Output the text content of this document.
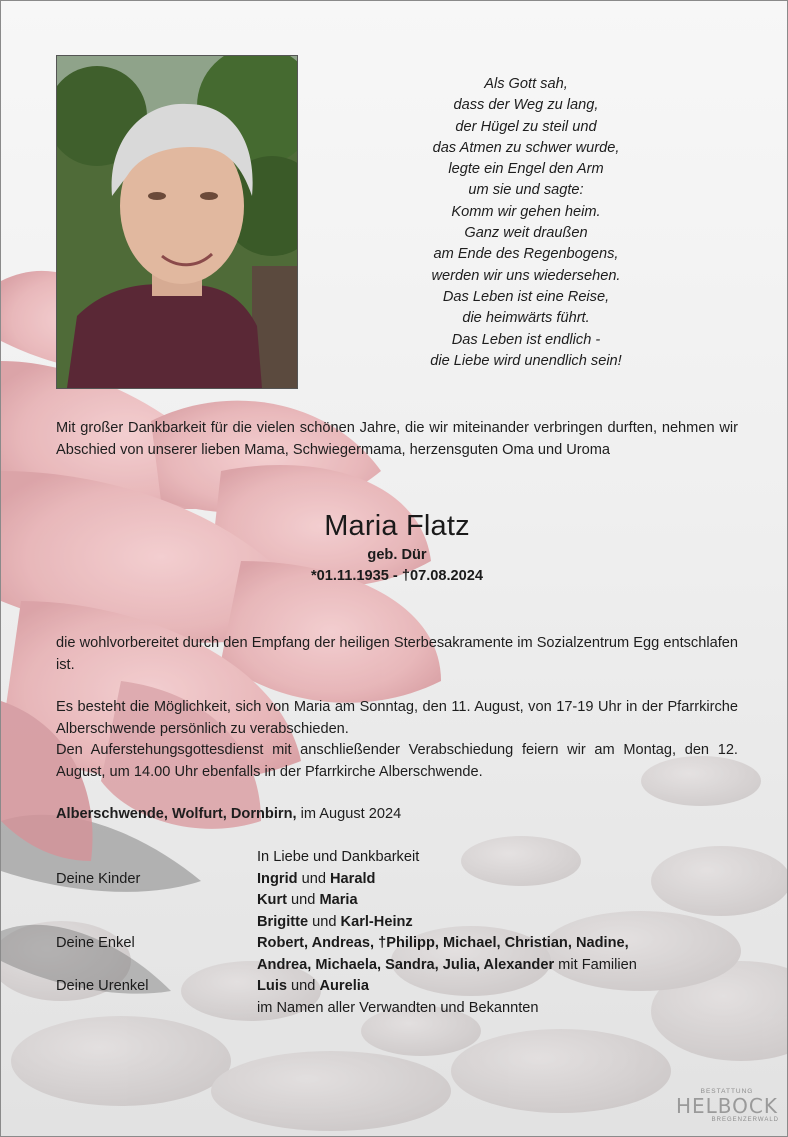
Als Gott sah,
dass der Weg zu lang,
der Hügel zu steil und
das Atmen zu schwer wurde,
legte ein Engel den Arm
um sie und sagte:
Komm wir gehen heim.
Ganz weit draußen
am Ende des Regenbogens,
werden wir uns wiedersehen.
Das Leben ist eine Reise,
die heimwärts führt.
Das Leben ist endlich -
die Liebe wird unendlich sein!
Mit großer Dankbarkeit für die vielen schönen Jahre, die wir miteinander verbringen durften, nehmen wir Abschied von unserer lieben Mama, Schwiegermama, herzensguten Oma und Uroma
Maria Flatz
geb. Dür
*01.11.1935 - †07.08.2024
die wohlvorbereitet durch den Empfang der heiligen Sterbesakramente im Sozialzentrum Egg entschlafen ist.
Es besteht die Möglichkeit, sich von Maria am Sonntag, den 11. August, von 17-19 Uhr in der Pfarrkirche Alberschwende persönlich zu verabschieden.
Den Auferstehungsgottesdienst mit anschließender Verabschiedung feiern wir am Montag, den 12. August, um 14.00 Uhr ebenfalls in der Pfarrkirche Alberschwende.
Alberschwende, Wolfurt, Dornbirn, im August 2024
In Liebe und Dankbarkeit
Deine Kinder	Ingrid und Harald
Kurt und Maria
Brigitte und Karl-Heinz
Deine Enkel	Robert, Andreas, †Philipp, Michael, Christian, Nadine,
Andrea, Michaela, Sandra, Julia, Alexander mit Familien
Deine Urenkel	Luis und Aurelia
im Namen aller Verwandten und Bekannten
BESTATTUNG
HELBOCK
BREGENZERWALD
